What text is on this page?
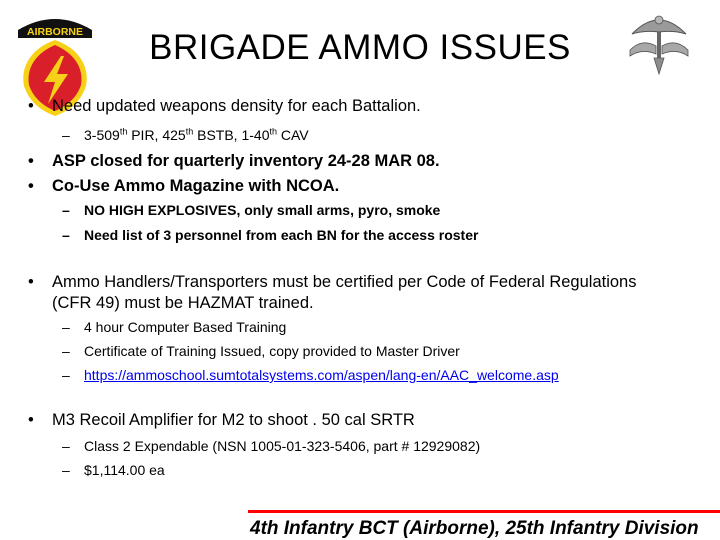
AIRBORNE	BRIGADE AMMO ISSUES
• Need updated weapons density for each Battalion.
– 3-509th PIR, 425th BSTB, 1-40th CAV
• ASP closed for quarterly inventory 24-28 MAR 08.
• Co-Use Ammo Magazine with NCOA.
– NO HIGH EXPLOSIVES, only small arms, pyro, smoke
– Need list of 3 personnel from each BN for the access roster
• Ammo Handlers/Transporters must be certified per Code of Federal Regulations
(CFR 49) must be HAZMAT trained.
– 4 hour Computer Based Training
– Certificate of Training Issued, copy provided to Master Driver
– https://ammoschool.sumtotalsystems.com/aspen/lang-en/AAC_welcome.asp
• M3 Recoil Amplifier for M2 to shoot . 50 cal SRTR
– Class 2 Expendable (NSN 1005-01-323-5406, part # 12929082)
– $1,114.00 ea
4th Infantry BCT (Airborne), 25th Infantry Division
